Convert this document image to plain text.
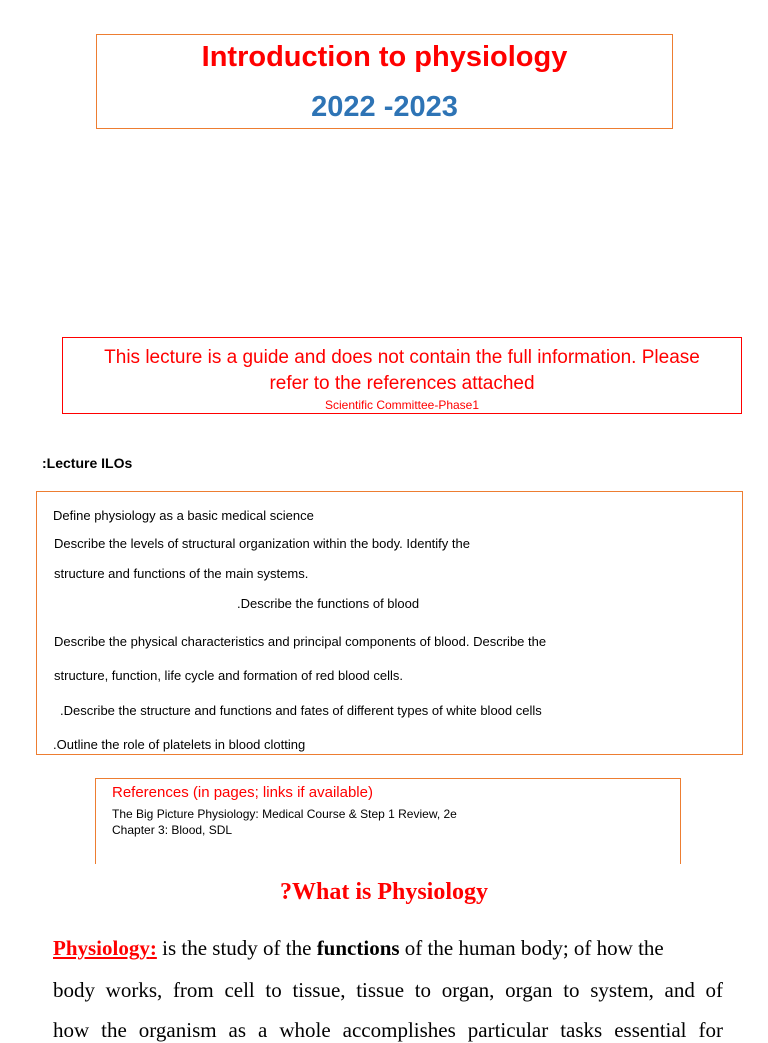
Introduction to physiology
2022 -2023
This lecture is a guide and does not contain the full information. Please
refer to the references attached
Scientific Committee-Phase1
:Lecture ILOs
Define physiology as a basic medical science
Describe the levels of structural organization within the body. Identify the
structure and functions of the main systems.
.Describe the functions of blood
Describe the physical characteristics and principal components of blood. Describe the
structure, function, life cycle and formation of red blood cells.
.Describe the structure and functions and fates of different types of white blood cells
.Outline the role of platelets in blood clotting
References (in pages; links if available)
The Big Picture Physiology: Medical Course & Step 1 Review, 2e
Chapter 3: Blood, SDL
?What is Physiology
Physiology: is the study of the functions of the human body; of how the
body works, from cell to tissue, tissue to organ, organ to system, and of
how the organism as a whole accomplishes particular tasks essential for
